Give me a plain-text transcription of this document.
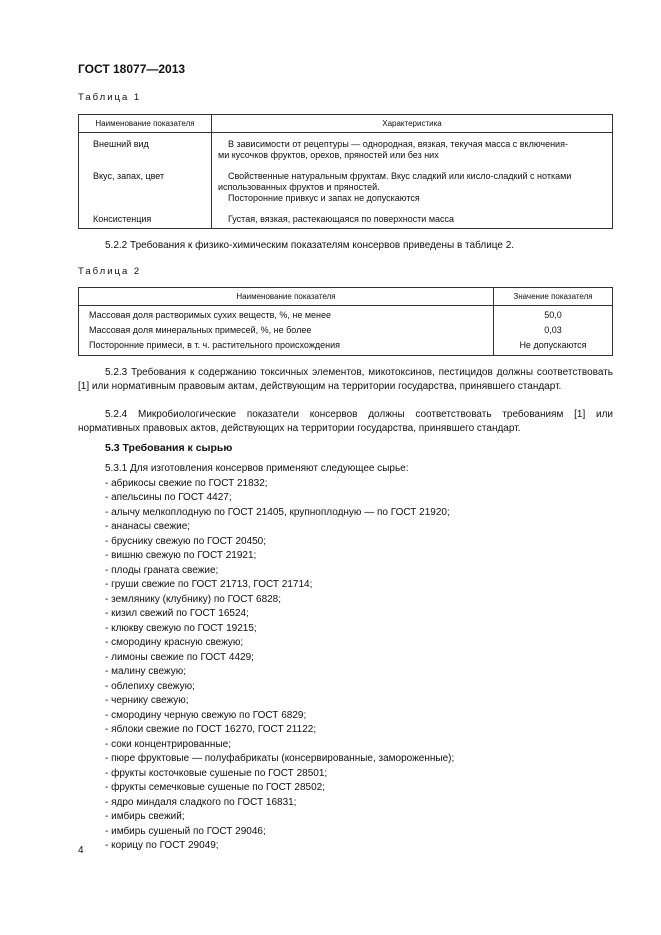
ГОСТ 18077—2013
Таблица 1
Наименование показателя	Характеристика
Внешний вид	В зависимости от рецептуры — однородная, вязкая, текучая масса с включения-
ми кусочков фруктов, орехов, пряностей или без них

Вкус, запах, цвет	Свойственные натуральным фруктам. Вкус сладкий или кисло-сладкий с нотками
использованных фруктов и пряностей.
Посторонние привкус и запах не допускаются

Консистенция	Густая, вязкая, растекающаяся по поверхности масса
5.2.2 Требования к физико-химическим показателям консервов приведены в таблице 2.
Таблица 2
Наименование показателя	Значение показателя
Массовая доля растворимых сухих веществ, %, не менее	50,0
Массовая доля минеральных примесей, %, не более	0,03
Посторонние примеси, в т. ч. растительного происхождения	Не допускаются
5.2.3 Требования к содержанию токсичных элементов, микотоксинов, пестицидов должны соответствовать [1] или нормативным правовым актам, действующим на территории государства, принявшего стандарт.
5.2.4 Микробиологические показатели консервов должны соответствовать требованиям [1] или нормативных правовых актов, действующих на территории государства, принявшего стандарт.
5.3 Требования к сырью
5.3.1 Для изготовления консервов применяют следующее сырье:
- абрикосы свежие по ГОСТ 21832;
- апельсины по ГОСТ 4427;
- алычу мелкоплодную по ГОСТ 21405, крупноплодную — по ГОСТ 21920;
- ананасы свежие;
- бруснику свежую по ГОСТ 20450;
- вишню свежую по ГОСТ 21921;
- плоды граната свежие;
- груши свежие по ГОСТ 21713, ГОСТ 21714;
- землянику (клубнику) по ГОСТ 6828;
- кизил свежий по ГОСТ 16524;
- клюкву свежую по ГОСТ 19215;
- смородину красную свежую;
- лимоны свежие по ГОСТ 4429;
- малину свежую;
- облепиху свежую;
- чернику свежую;
- смородину черную свежую по ГОСТ 6829;
- яблоки свежие по ГОСТ 16270, ГОСТ 21122;
- соки концентрированные;
- пюре фруктовые — полуфабрикаты (консервированные, замороженные);
- фрукты косточковые сушеные по ГОСТ 28501;
- фрукты семечковые сушеные по ГОСТ 28502;
- ядро миндаля сладкого по ГОСТ 16831;
- имбирь свежий;
- имбирь сушеный по ГОСТ 29046;
- корицу по ГОСТ 29049;
4
